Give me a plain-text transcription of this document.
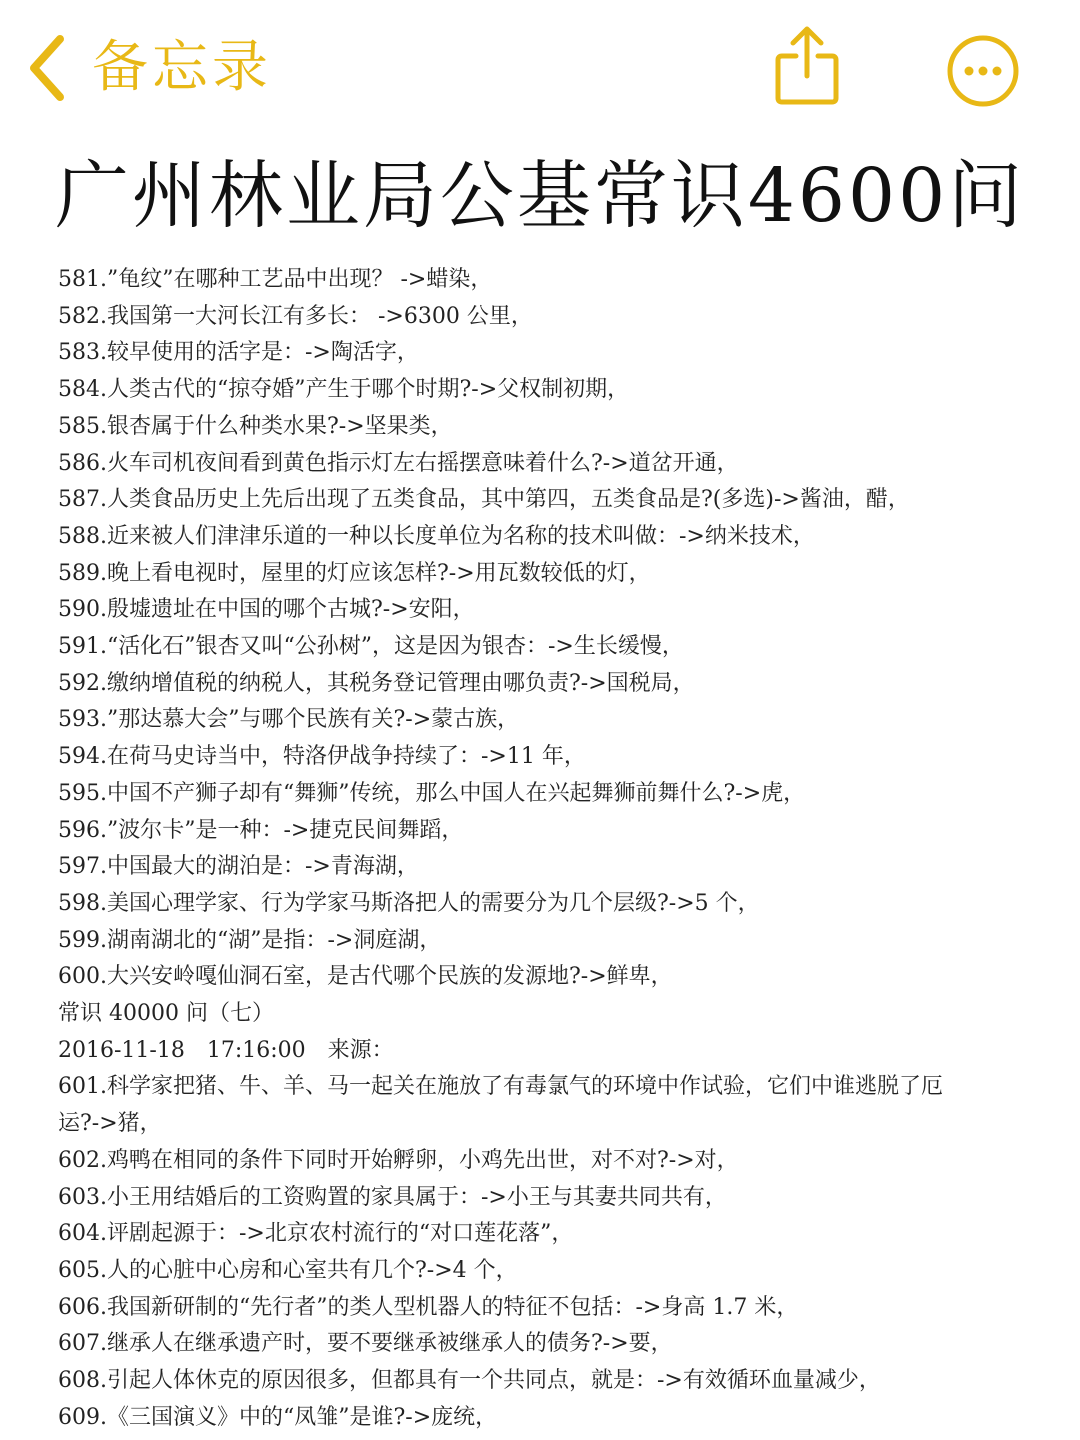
备忘录
广州林业局公基常识4600问
581.”龟纹”在哪种工艺品中出现？ ->蜡染，
582.我国第一大河长江有多长： ->6300 公里，
583.较早使用的活字是：->陶活字，
584.人类古代的“掠夺婚”产生于哪个时期?->父权制初期，
585.银杏属于什么种类水果?->坚果类，
586.火车司机夜间看到黄色指示灯左右摇摆意味着什么?->道岔开通，
587.人类食品历史上先后出现了五类食品，其中第四，五类食品是?(多选)->酱油，醋，
588.近来被人们津津乐道的一种以长度单位为名称的技术叫做：->纳米技术，
589.晚上看电视时，屋里的灯应该怎样?->用瓦数较低的灯，
590.殷墟遗址在中国的哪个古城?->安阳，
591.“活化石”银杏又叫“公孙树”，这是因为银杏：->生长缓慢，
592.缴纳增值税的纳税人，其税务登记管理由哪负责?->国税局，
593.”那达慕大会”与哪个民族有关?->蒙古族，
594.在荷马史诗当中，特洛伊战争持续了：->11 年，
595.中国不产狮子却有“舞狮”传统，那么中国人在兴起舞狮前舞什么?->虎，
596.”波尔卡”是一种：->捷克民间舞蹈，
597.中国最大的湖泊是：->青海湖，
598.美国心理学家、行为学家马斯洛把人的需要分为几个层级?->5 个，
599.湖南湖北的“湖”是指：->洞庭湖，
600.大兴安岭嘎仙洞石室，是古代哪个民族的发源地?->鲜卑，
常识 40000 问（七）
2016-11-18　17:16:00　来源：
601.科学家把猪、牛、羊、马一起关在施放了有毒氯气的环境中作试验，它们中谁逃脱了厄
运?->猪，
602.鸡鸭在相同的条件下同时开始孵卵，小鸡先出世，对不对?->对，
603.小王用结婚后的工资购置的家具属于：->小王与其妻共同共有，
604.评剧起源于：->北京农村流行的“对口莲花落”，
605.人的心脏中心房和心室共有几个?->4 个，
606.我国新研制的“先行者”的类人型机器人的特征不包括：->身高 1.7 米，
607.继承人在继承遗产时，要不要继承被继承人的债务?->要，
608.引起人体休克的原因很多，但都具有一个共同点，就是：->有效循环血量减少，
609.《三国演义》中的“凤雏”是谁?->庞统，
